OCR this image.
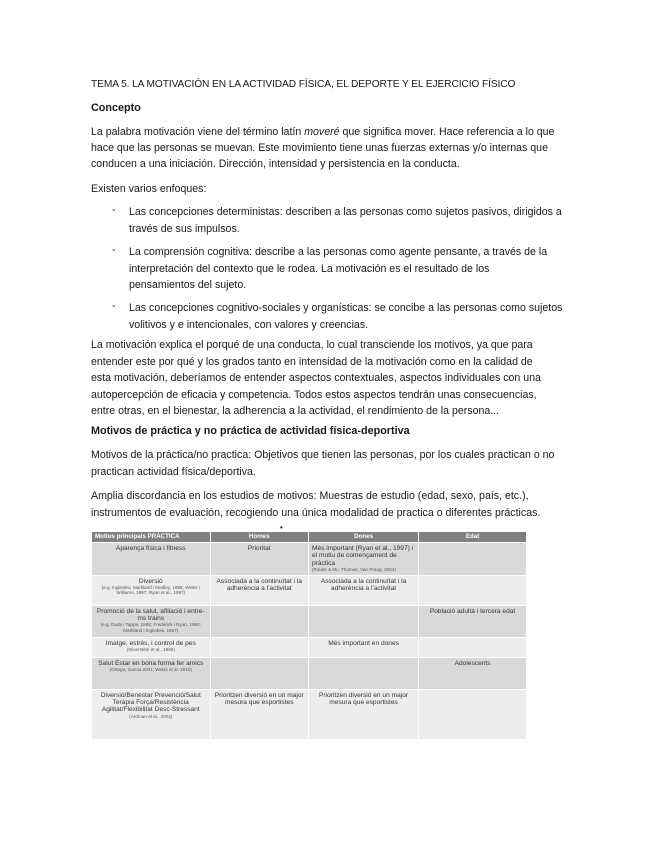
TEMA 5. LA MOTIVACIÓN EN LA ACTIVIDAD FÍSICA, EL DEPORTE Y EL EJERCICIO FÍSICO
Concepto
La palabra motivación viene del término latín moveré que significa mover. Hace referencia a lo que
hace que las personas se muevan. Este movimiento tiene unas fuerzas externas y/o internas que
conducen a una iniciación. Dirección, intensidad y persistencia en la conducta.
Existen varios enfoques:
- Las concepciones deterministas: describen a las personas como sujetos pasivos, dirigidos a
través de sus impulsos.
- La comprensión cognitiva: describe a las personas como agente pensante, a través de la
interpretación del contexto que le rodea. La motivación es el resultado de los
pensamientos del sujeto.
- Las concepciones cognitivo-sociales y organísticas: se concibe a las personas como sujetos
volitivos y e intencionales, con valores y creencias.
La motivación explica el porqué de una conducta, lo cual transciende los motivos, ya que para
entender este por qué y los grados tanto en intensidad de la motivación como en la calidad de
esta motivación, deberíamos de entender aspectos contextuales, aspectos individuales con una
autopercepción de eficacia y competencia. Todos estos aspectos tendrán unas consecuencias,
entre otras, en el bienestar, la adherencia a la actividad, el rendimiento de la persona...
Motivos de práctica y no práctica de actividad física-deportiva
Motivos de la práctica/no practica: Objetivos que tienen las personas, por los cuales practican o no
practican actividad física/deportiva.
Amplia discordancia en los estudios de motivos: Muestras de estudio (edad, sexo, país, etc.),
instrumentos de evaluación, recogiendo una única modalidad de practica o diferentes prácticas.
•
Motius principals PRÀCTICA	Homes	Dones	Edat

Aparença física i fitness	Prioritat	Més important (Ryan et al., 1997) i el motiu de començament de pràctica
(Rouse & Mc. Thomas, Van Praag, 2004)	

Diversió
(e.g. Ingledew, Markland i Medley, 1998; Weiss i Williams, 1997; Ryan et al., 1997)	Associada a la continuïtat i la adherència a l'activitat	Associada a la continuïtat i la adherència a l'activitat	

Promoció de la salut, afiliació i entre-ms trains
(e.g. Duda i Tappe, 1988; Frederick i Ryan, 1993; Markland i Ingledew, 1997)			Població adulta i tercera edat

Imatge, estrès, i control de pes
(Silverstein et al., 1988)		Més important en dones	

Salut Estar en bona forma fer amics
(Ortega, Garcia 2001; Weiss et al. 2010)			Adolescents

Diversió/Benestar Prevenció/Salut Teràpia Força/Resistència Agilitat/Flexibilitat Desc-Stressant
(Ardman et al., 2002)	Prioritzen diversió en un major mesura que esportistes	Prioritzen diversió en un major mesura que esportistes	
